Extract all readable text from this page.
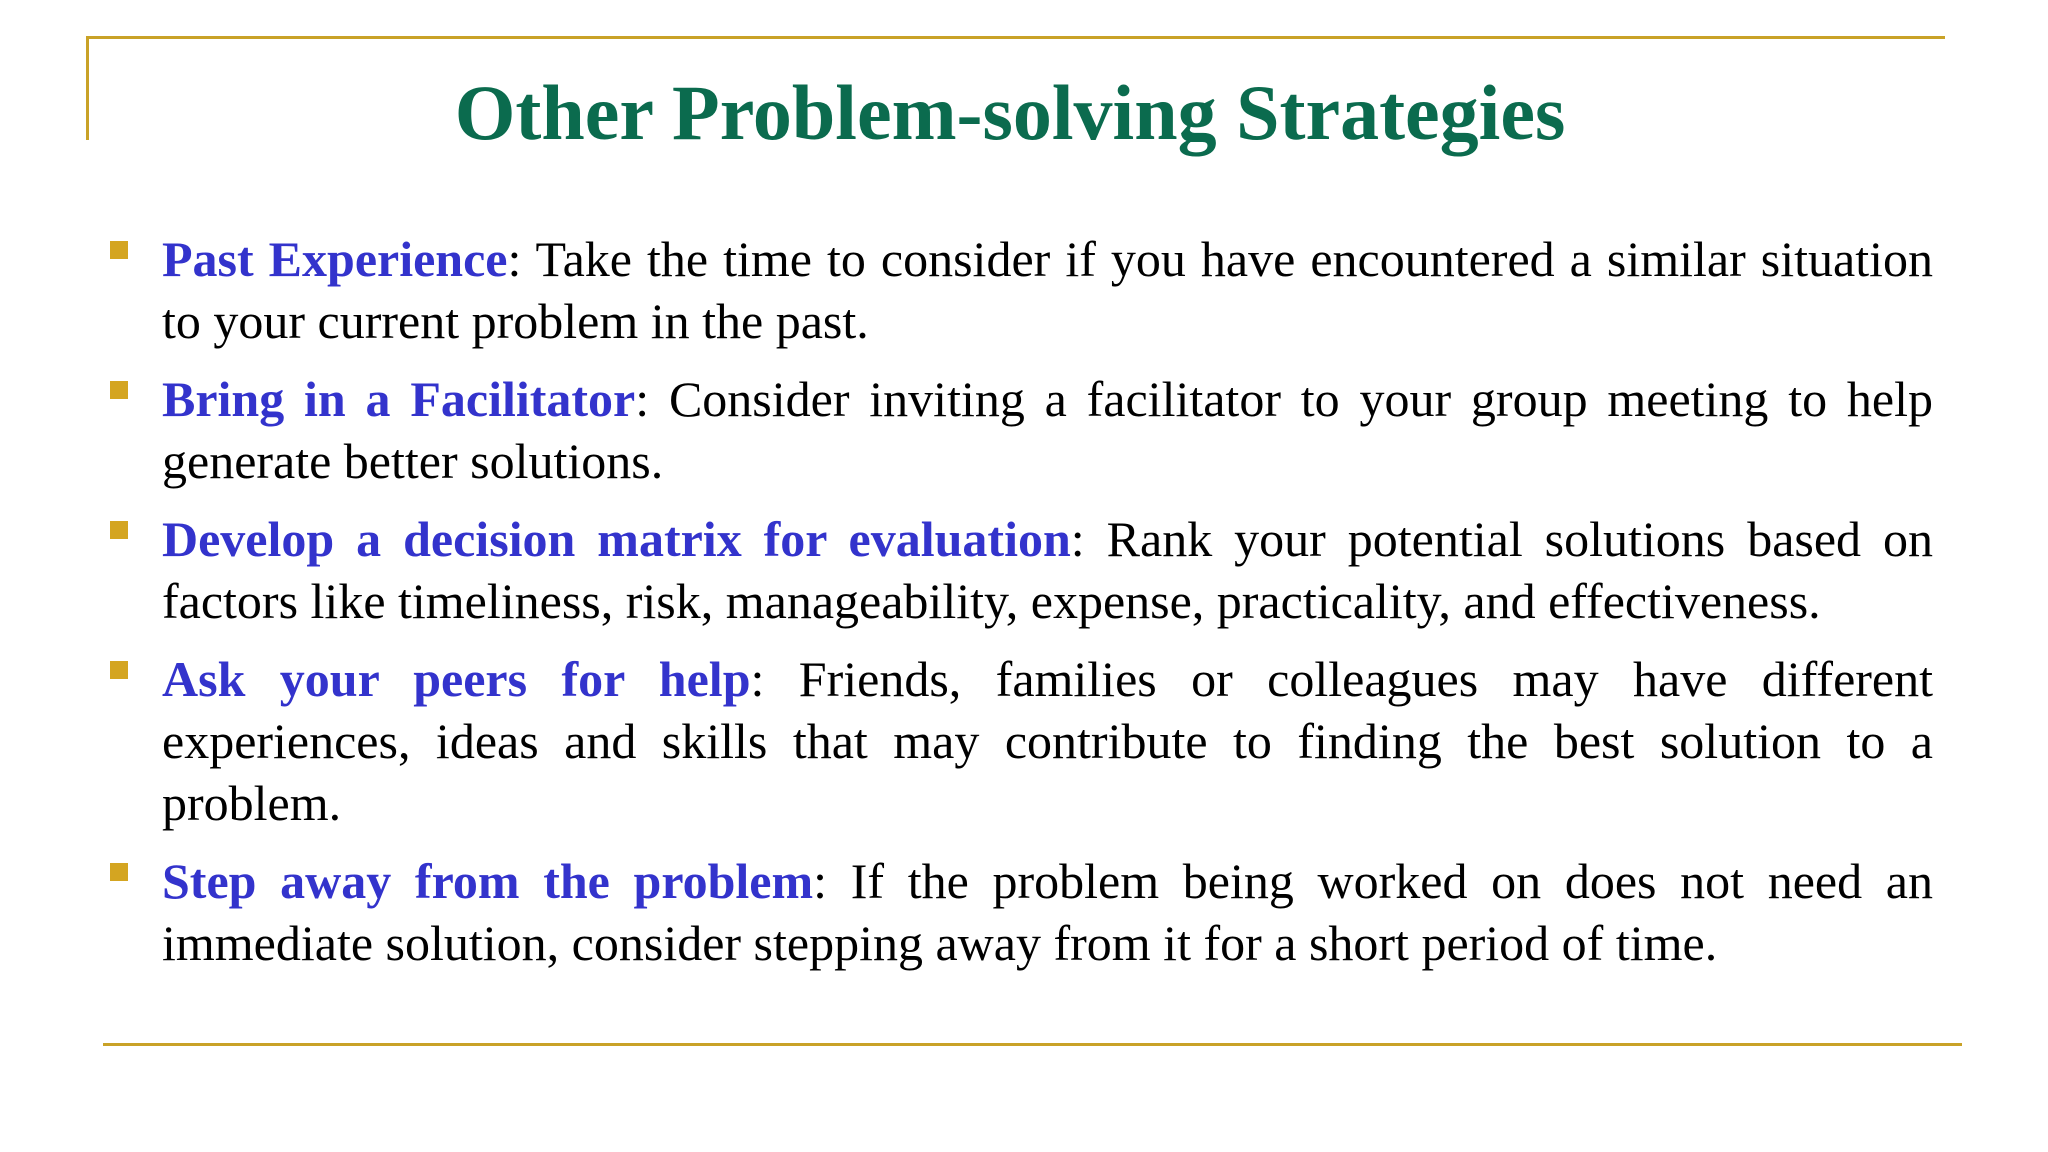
Other Problem-solving Strategies
Past Experience: Take the time to consider if you have encountered a similar situation to your current problem in the past.
Bring in a Facilitator: Consider inviting a facilitator to your group meeting to help generate better solutions.
Develop a decision matrix for evaluation: Rank your potential solutions based on factors like timeliness, risk, manageability, expense, practicality, and effectiveness.
Ask your peers for help: Friends, families or colleagues may have different experiences, ideas and skills that may contribute to finding the best solution to a problem.
Step away from the problem: If the problem being worked on does not need an immediate solution, consider stepping away from it for a short period of time.
